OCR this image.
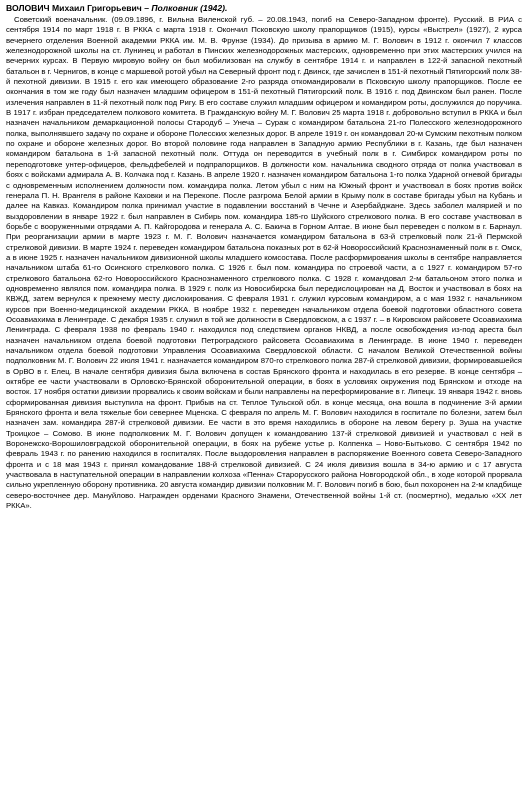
ВОЛОВИЧ Михаил Григорьевич – Полковник (1942).

Советский военачальник. (09.09.1896, г. Вильна Виленской губ. – 20.08.1943, погиб на Северо-Западном фронте). Русский. В РИА с сентября 1914 по март 1918 г. В РККА с марта 1918 г. Окончил Псковскую школу прапорщиков (1915), курсы «Выстрел» (1927), 2 курса вечернего отделения Военной академии РККА им. М. В. Фрунзе (1934). До призыва в армию М. Г. Волович в 1912 г. окончил 7 классов железнодорожной школы на ст. Лунинец и работал в Пинских железнодорожных мастерских, одновременно при этих мастерских учился на вечерних курсах. В Первую мировую войну он был мобилизован на службу в сентябре 1914 г. и направлен в 122-й запасной пехотный батальон в г. Чернигов, в конце с маршевой ротой убыл на Северный фронт под г. Двинск, где зачислен в 151-й пехотный Пятигорский полк 38-й пехотной дивизии. В 1915 г. его как имеющего образование 2-го разряда откомандировали в Псковскую школу прапорщиков. После ее окончания в том же году был назначен младшим офицером в 151-й пехотный Пятигорский полк. В 1916 г. под Двинском был ранен. После излечения направлен в 11-й пехотный полк под Ригу. В его составе служил младшим офицером и командиром роты, дослужился до поручика. В 1917 г. избран председателем полкового комитета. В Гражданскую войну М. Г. Волович 25 марта 1918 г. добровольно вступил в РККА и был назначен начальником демаркационной полосы Стародуб – Унеча – Сураж с командиром батальона 21-го Полесского железнодорожного полка, выполнявшего задачу по охране и обороне Полесских железных дорог. В апреле 1919 г. он командовал 20-м Сумским пехотным полком по охране и обороне железных дорог. Во второй половине года направлен в Западную армию Республики в г. Казань, где был назначен командиром батальона в 1-й запасной пехотный полк. Оттуда он переводится в учебный полк в г. Симбирск командиром роты по переподготовке унтер-офицеров, фельдфебелей и подпрапорщиков. В должности ком. начальника сводного отряда от полка участвовал в боях с войсками адмирала А. В. Колчака под г. Казань. В апреле 1920 г. назначен командиром батальона 1-го полка Ударной огневой бригады с одновременным исполнением должности пом. командира полка. Летом убыл с ним на Южный фронт и участвовал в боях против войск генерала П. Н. Врангеля в районе Каховки и на Перекопе. После разгрома Белой армии в Крыму полк в составе бригады убыл на Кубань и далее на Кавказ. Командиром полка принимал участие в подавлении восстаний в Чечне и Азербайджане. Здесь заболел малярией и по выздоровлении в январе 1922 г. был направлен в Сибирь пом. командира 185-го Шуйского стрелкового полка. В его составе участвовал в борьбе с вооруженными отрядами А. П. Кайгородова и генерала А. С. Бакича в Горном Алтае. В июне был переведен с полком в г. Барнаул. При реорганизации армии в марте 1923 г. М. Г. Волович назначается командиром батальона в 63-й стрелковый полк 21-й Пермской стрелковой дивизии. В марте 1924 г. переведен командиром батальона показных рот в 62-й Новороссийский Краснознаменный полк в г. Омск, а в июне 1925 г. назначен начальником дивизионной школы младшего комсостава. После расформирования школы в сентябре направляется начальником штаба 61-го Осинского стрелкового полка. С 1926 г. был пом. командира по строевой части, а с 1927 г. командиром 57-го стрелкового батальона 62-го Новороссийского Краснознаменного стрелкового полка. С 1928 г. командовал 2-м батальоном этого полка и одновременно являлся пом. командира полка. В 1929 г. полк из Новосибирска был передислоцирован на Д. Восток и участвовал в боях на КВЖД, затем вернулся к прежнему месту дислокирования. С февраля 1931 г. служил курсовым командиром, а с мая 1932 г. начальником курсов при Военно-медицинской академии РККА. В ноябре 1932 г. переведен начальником отдела боевой подготовки областного совета Осоавиахима в Ленинграде. С декабря 1935 г. служил в той же должности в Свердловском, а с 1937 г. – в Кировском райсовете Осоавиахима Ленинграда. С февраля 1938 по февраль 1940 г. находился под следствием органов НКВД, а после освобождения из-под ареста был назначен начальником отдела боевой подготовки Петроградского райсовета Осоавиахима в Ленинграде. В июне 1940 г. переведен начальником отдела боевой подготовки Управления Осоавиахима Свердловской области. С началом Великой Отечественной войны подполковник М. Г. Волович 22 июля 1941 г. назначается командиром 870-го стрелкового полка 287-й стрелковой дивизии, формировавшейся в ОрВО в г. Елец. В начале сентября дивизия была включена в состав Брянского фронта и находилась в его резерве. В конце сентября – октябре ее части участвовали в Орловско-Брянской оборонительной операции, в боях в условиях окружения под Брянском и отходе на восток. 17 ноября остатки дивизии прорвались к своим войскам и были направлены на переформирование в г. Липецк. 19 января 1942 г. вновь сформированная дивизия выступила на фронт. Прибыв на ст. Теплое Тульской обл. в конце месяца, она вошла в подчинение 3-й армии Брянского фронта и вела тяжелые бои севернее Мценска. С февраля по апрель М. Г. Волович находился в госпитале по болезни, затем был назначен зам. командира 287-й стрелковой дивизии. Ее части в это время находились в обороне на левом берегу р. Зуша на участке Троицкое – Сомово. В июне подполковник М. Г. Волович допущен к командованию 137-й стрелковой дивизией и участвовал с ней в Воронежско-Ворошиловградской оборонительной операции, в боях на рубеже устье р. Колпенка – Ново-Бытьково. С сентября 1942 по февраль 1943 г. по ранению находился в госпиталях. После выздоровления направлен в распоряжение Военного совета Северо-Западного фронта и с 18 мая 1943 г. принял командование 188-й стрелковой дивизией. С 24 июля дивизия вошла в 34-ю армию и с 17 августа участвовала в наступательной операции в направлении колхоза «Пенна» Старорусского района Новгородской обл., в ходе которой прорвала сильно укрепленную оборону противника. 20 августа командир дивизии полковник М. Г. Волович погиб в бою, был похоронен на 2-м кладбище северо-восточнее дер. Мануйлово. Награжден орденами Красного Знамени, Отечественной войны 1-й ст. (посмертно), медалью «XX лет РККА».
